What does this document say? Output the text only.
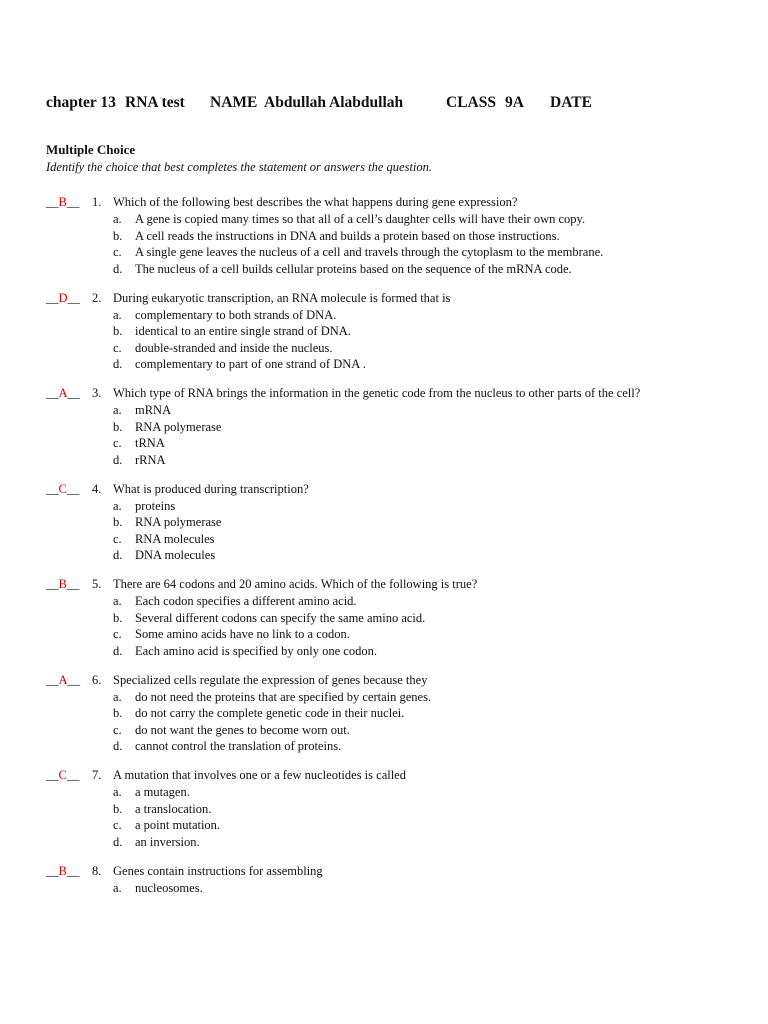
chapter 13 RNA test NAME Abdullah Alabdullah	CLASS 9A DATE
Multiple Choice
Identify the choice that best completes the statement or answers the question.
__B__	1. Which of the following best describes the what happens during gene expression?
a.	A gene is copied many times so that all of a cell’s daughter cells will have their own copy.
b.	A cell reads the instructions in DNA and builds a protein based on those instructions.
c.	A single gene leaves the nucleus of a cell and travels through the cytoplasm to the membrane.
d.	The nucleus of a cell builds cellular proteins based on the sequence of the mRNA code.
__D__ 2. During eukaryotic transcription, an RNA molecule is formed that is
a.	complementary to both strands of DNA.
b.	identical to an entire single strand of DNA.
c.	double-stranded and inside the nucleus.
d.	complementary to part of one strand of DNA .
__A__ 3. Which type of RNA brings the information in the genetic code from the nucleus to other parts of the cell?
a.	mRNA
b.	RNA polymerase
c.	tRNA
d.	rRNA
__C__	4. What is produced during transcription?
a.	proteins
b.	RNA polymerase
c.	RNA molecules
d.	DNA molecules
__B__	5. There are 64 codons and 20 amino acids. Which of the following is true?
a.	Each codon specifies a different amino acid.
b.	Several different codons can specify the same amino acid.
c.	Some amino acids have no link to a codon.
d.	Each amino acid is specified by only one codon.
__A__ 6. Specialized cells regulate the expression of genes because they
a.	do not need the proteins that are specified by certain genes.
b.	do not carry the complete genetic code in their nuclei.
c.	do not want the genes to become worn out.
d.	cannot control the translation of proteins.
__C__	7. A mutation that involves one or a few nucleotides is called
a.	a mutagen.
b.	a translocation.
c.	a point mutation.
d.	an inversion.
__B__	8. Genes contain instructions for assembling
a.	nucleosomes.
